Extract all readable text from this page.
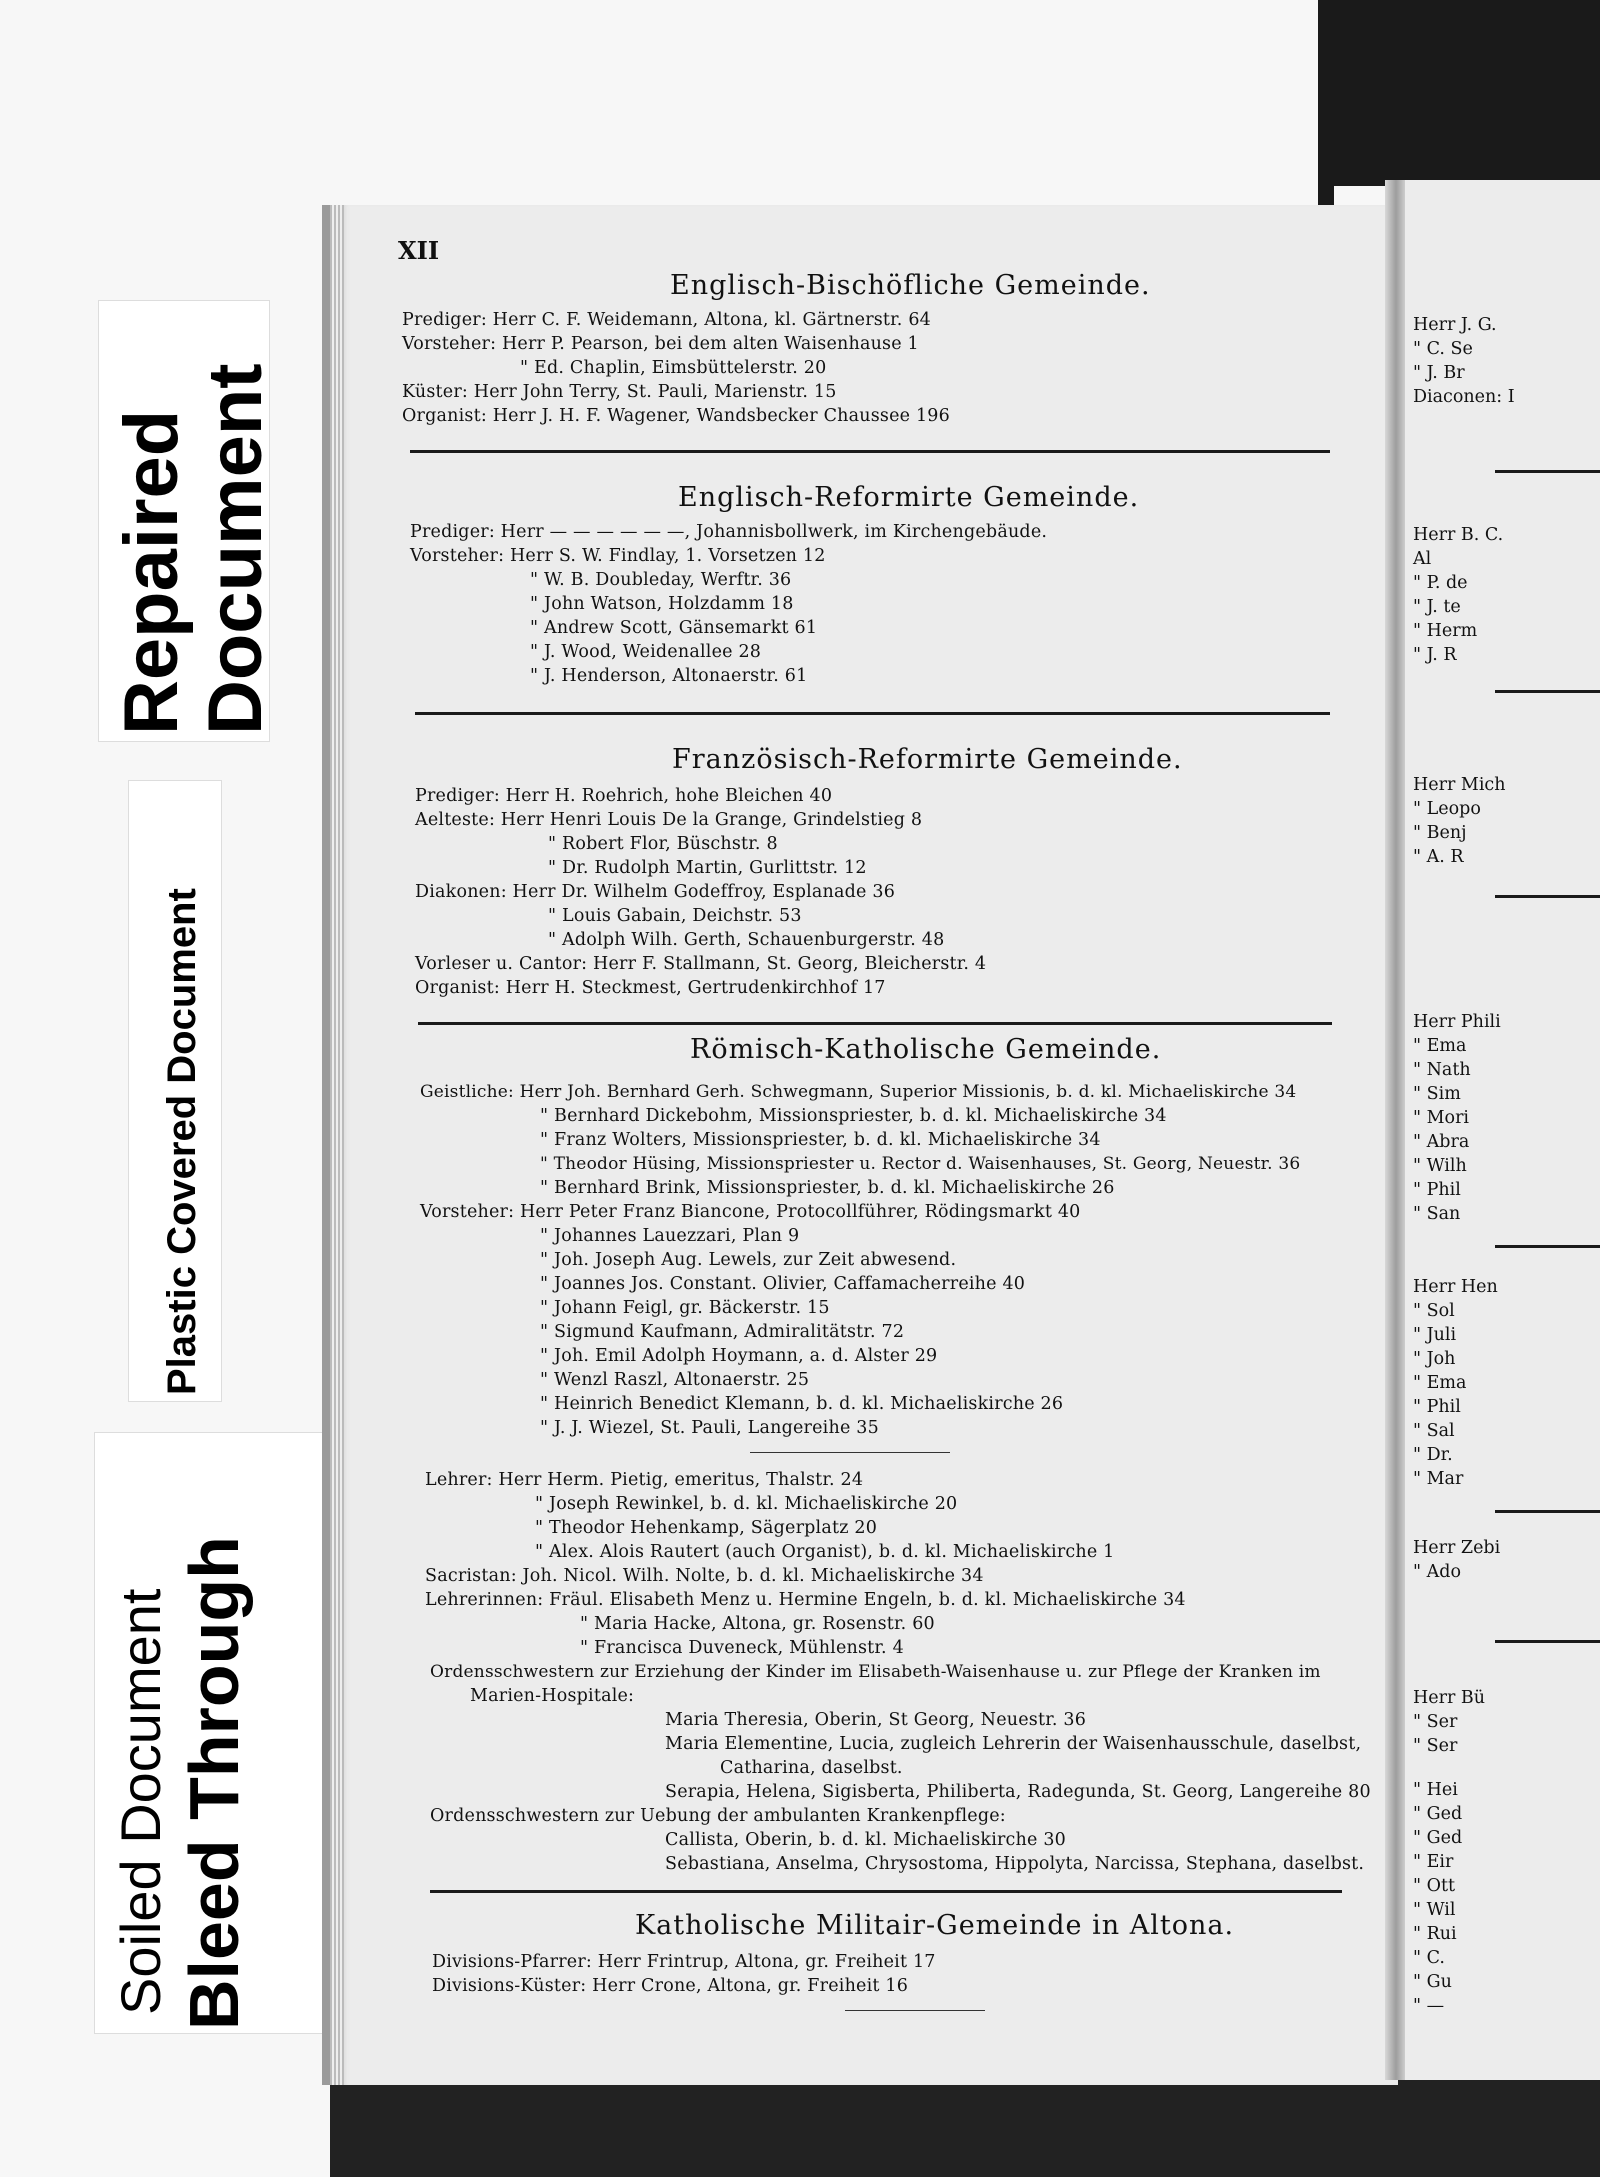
Repaired
Document
Plastic Covered Document
Soiled Document Bleed Through
Herr J. G.
" C. Se
" J. Br
Diaconen: I
Herr B. C.
Al
" P. de
" J. te
" Herm
" J. R
Herr Mich
" Leopo
" Benj
" A. R
Herr Phili
" Ema
" Nath
" Sim
" Mori
" Abra
" Wilh
" Phil
" San
Herr Hen
" Sol
" Juli
" Joh
" Ema
" Phil
" Sal
" Dr.
" Mar
Herr Zebi
" Ado
Herr Bü
" Ser
" Ser
" Hei
" Ged
" Ged
" Eir
" Ott
" Wil
" Rui
" C.
" Gu
" —
XII
Englisch-Bischöfliche Gemeinde.
Prediger: Herr C. F. Weidemann, Altona, kl. Gärtnerstr. 64
Vorsteher: Herr P. Pearson, bei dem alten Waisenhause 1
" Ed. Chaplin, Eimsbüttelerstr. 20
Küster: Herr John Terry, St. Pauli, Marienstr. 15
Organist: Herr J. H. F. Wagener, Wandsbecker Chaussee 196
Englisch-Reformirte Gemeinde.
Prediger: Herr — — — — — —, Johannisbollwerk, im Kirchengebäude.
Vorsteher: Herr S. W. Findlay, 1. Vorsetzen 12
" W. B. Doubleday, Werftr. 36
" John Watson, Holzdamm 18
" Andrew Scott, Gänsemarkt 61
" J. Wood, Weidenallee 28
" J. Henderson, Altonaerstr. 61
Französisch-Reformirte Gemeinde.
Prediger: Herr H. Roehrich, hohe Bleichen 40
Aelteste: Herr Henri Louis De la Grange, Grindelstieg 8
" Robert Flor, Büschstr. 8
" Dr. Rudolph Martin, Gurlittstr. 12
Diakonen: Herr Dr. Wilhelm Godeffroy, Esplanade 36
" Louis Gabain, Deichstr. 53
" Adolph Wilh. Gerth, Schauenburgerstr. 48
Vorleser u. Cantor: Herr F. Stallmann, St. Georg, Bleicherstr. 4
Organist: Herr H. Steckmest, Gertrudenkirchhof 17
Römisch-Katholische Gemeinde.
Geistliche: Herr Joh. Bernhard Gerh. Schwegmann, Superior Missionis, b. d. kl. Michaeliskirche 34
" Bernhard Dickebohm, Missionspriester, b. d. kl. Michaeliskirche 34
" Franz Wolters, Missionspriester, b. d. kl. Michaeliskirche 34
" Theodor Hüsing, Missionspriester u. Rector d. Waisenhauses, St. Georg, Neuestr. 36
" Bernhard Brink, Missionspriester, b. d. kl. Michaeliskirche 26
Vorsteher: Herr Peter Franz Biancone, Protocollführer, Rödingsmarkt 40
" Johannes Lauezzari, Plan 9
" Joh. Joseph Aug. Lewels, zur Zeit abwesend.
" Joannes Jos. Constant. Olivier, Caffamacherreihe 40
" Johann Feigl, gr. Bäckerstr. 15
" Sigmund Kaufmann, Admiralitätstr. 72
" Joh. Emil Adolph Hoymann, a. d. Alster 29
" Wenzl Raszl, Altonaerstr. 25
" Heinrich Benedict Klemann, b. d. kl. Michaeliskirche 26
" J. J. Wiezel, St. Pauli, Langereihe 35
Lehrer: Herr Herm. Pietig, emeritus, Thalstr. 24
" Joseph Rewinkel, b. d. kl. Michaeliskirche 20
" Theodor Hehenkamp, Sägerplatz 20
" Alex. Alois Rautert (auch Organist), b. d. kl. Michaeliskirche 1
Sacristan: Joh. Nicol. Wilh. Nolte, b. d. kl. Michaeliskirche 34
Lehrerinnen: Fräul. Elisabeth Menz u. Hermine Engeln, b. d. kl. Michaeliskirche 34
" Maria Hacke, Altona, gr. Rosenstr. 60
" Francisca Duveneck, Mühlenstr. 4
Ordensschwestern zur Erziehung der Kinder im Elisabeth-Waisenhause u. zur Pflege der Kranken im
Marien-Hospitale:
Maria Theresia, Oberin, St Georg, Neuestr. 36
Maria Elementine, Lucia, zugleich Lehrerin der Waisenhausschule, daselbst,
Catharina, daselbst.
Serapia, Helena, Sigisberta, Philiberta, Radegunda, St. Georg, Langereihe 80
Ordensschwestern zur Uebung der ambulanten Krankenpflege:
Callista, Oberin, b. d. kl. Michaeliskirche 30
Sebastiana, Anselma, Chrysostoma, Hippolyta, Narcissa, Stephana, daselbst.
Katholische Militair-Gemeinde in Altona.
Divisions-Pfarrer: Herr Frintrup, Altona, gr. Freiheit 17
Divisions-Küster: Herr Crone, Altona, gr. Freiheit 16
